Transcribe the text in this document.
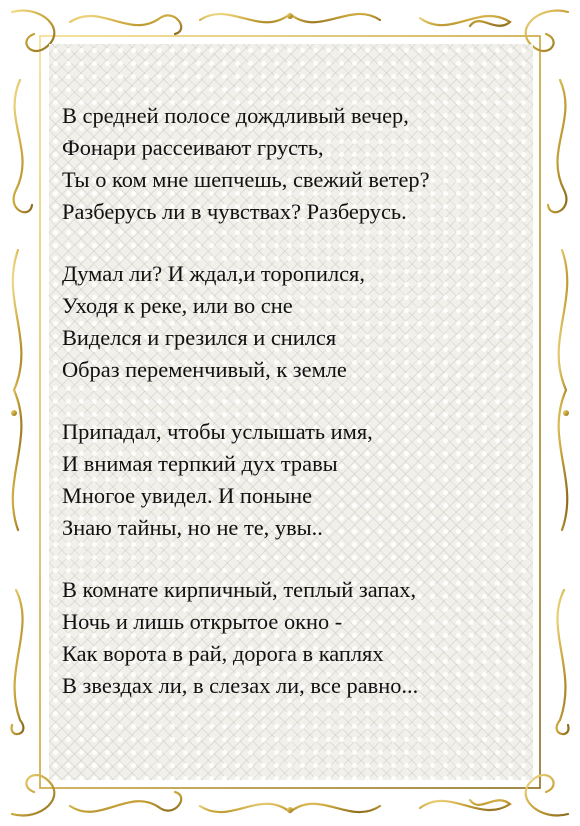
В средней полосе дождливый вечер,
Фонари рассеивают грусть,
Ты о ком мне шепчешь, свежий ветер?
Разберусь ли в чувствах? Разберусь.
Думал ли? И ждал,и торопился,
Уходя к реке, или во сне
Виделся и грезился и снился
Образ переменчивый, к земле
Припадал, чтобы услышать имя,
И внимая терпкий дух травы
Многое увидел. И поныне
Знаю тайны, но не те, увы..
В комнате кирпичный, теплый запах,
Ночь и лишь открытое окно -
Как ворота в рай, дорога в каплях
В звездах ли, в слезах ли, все равно...
